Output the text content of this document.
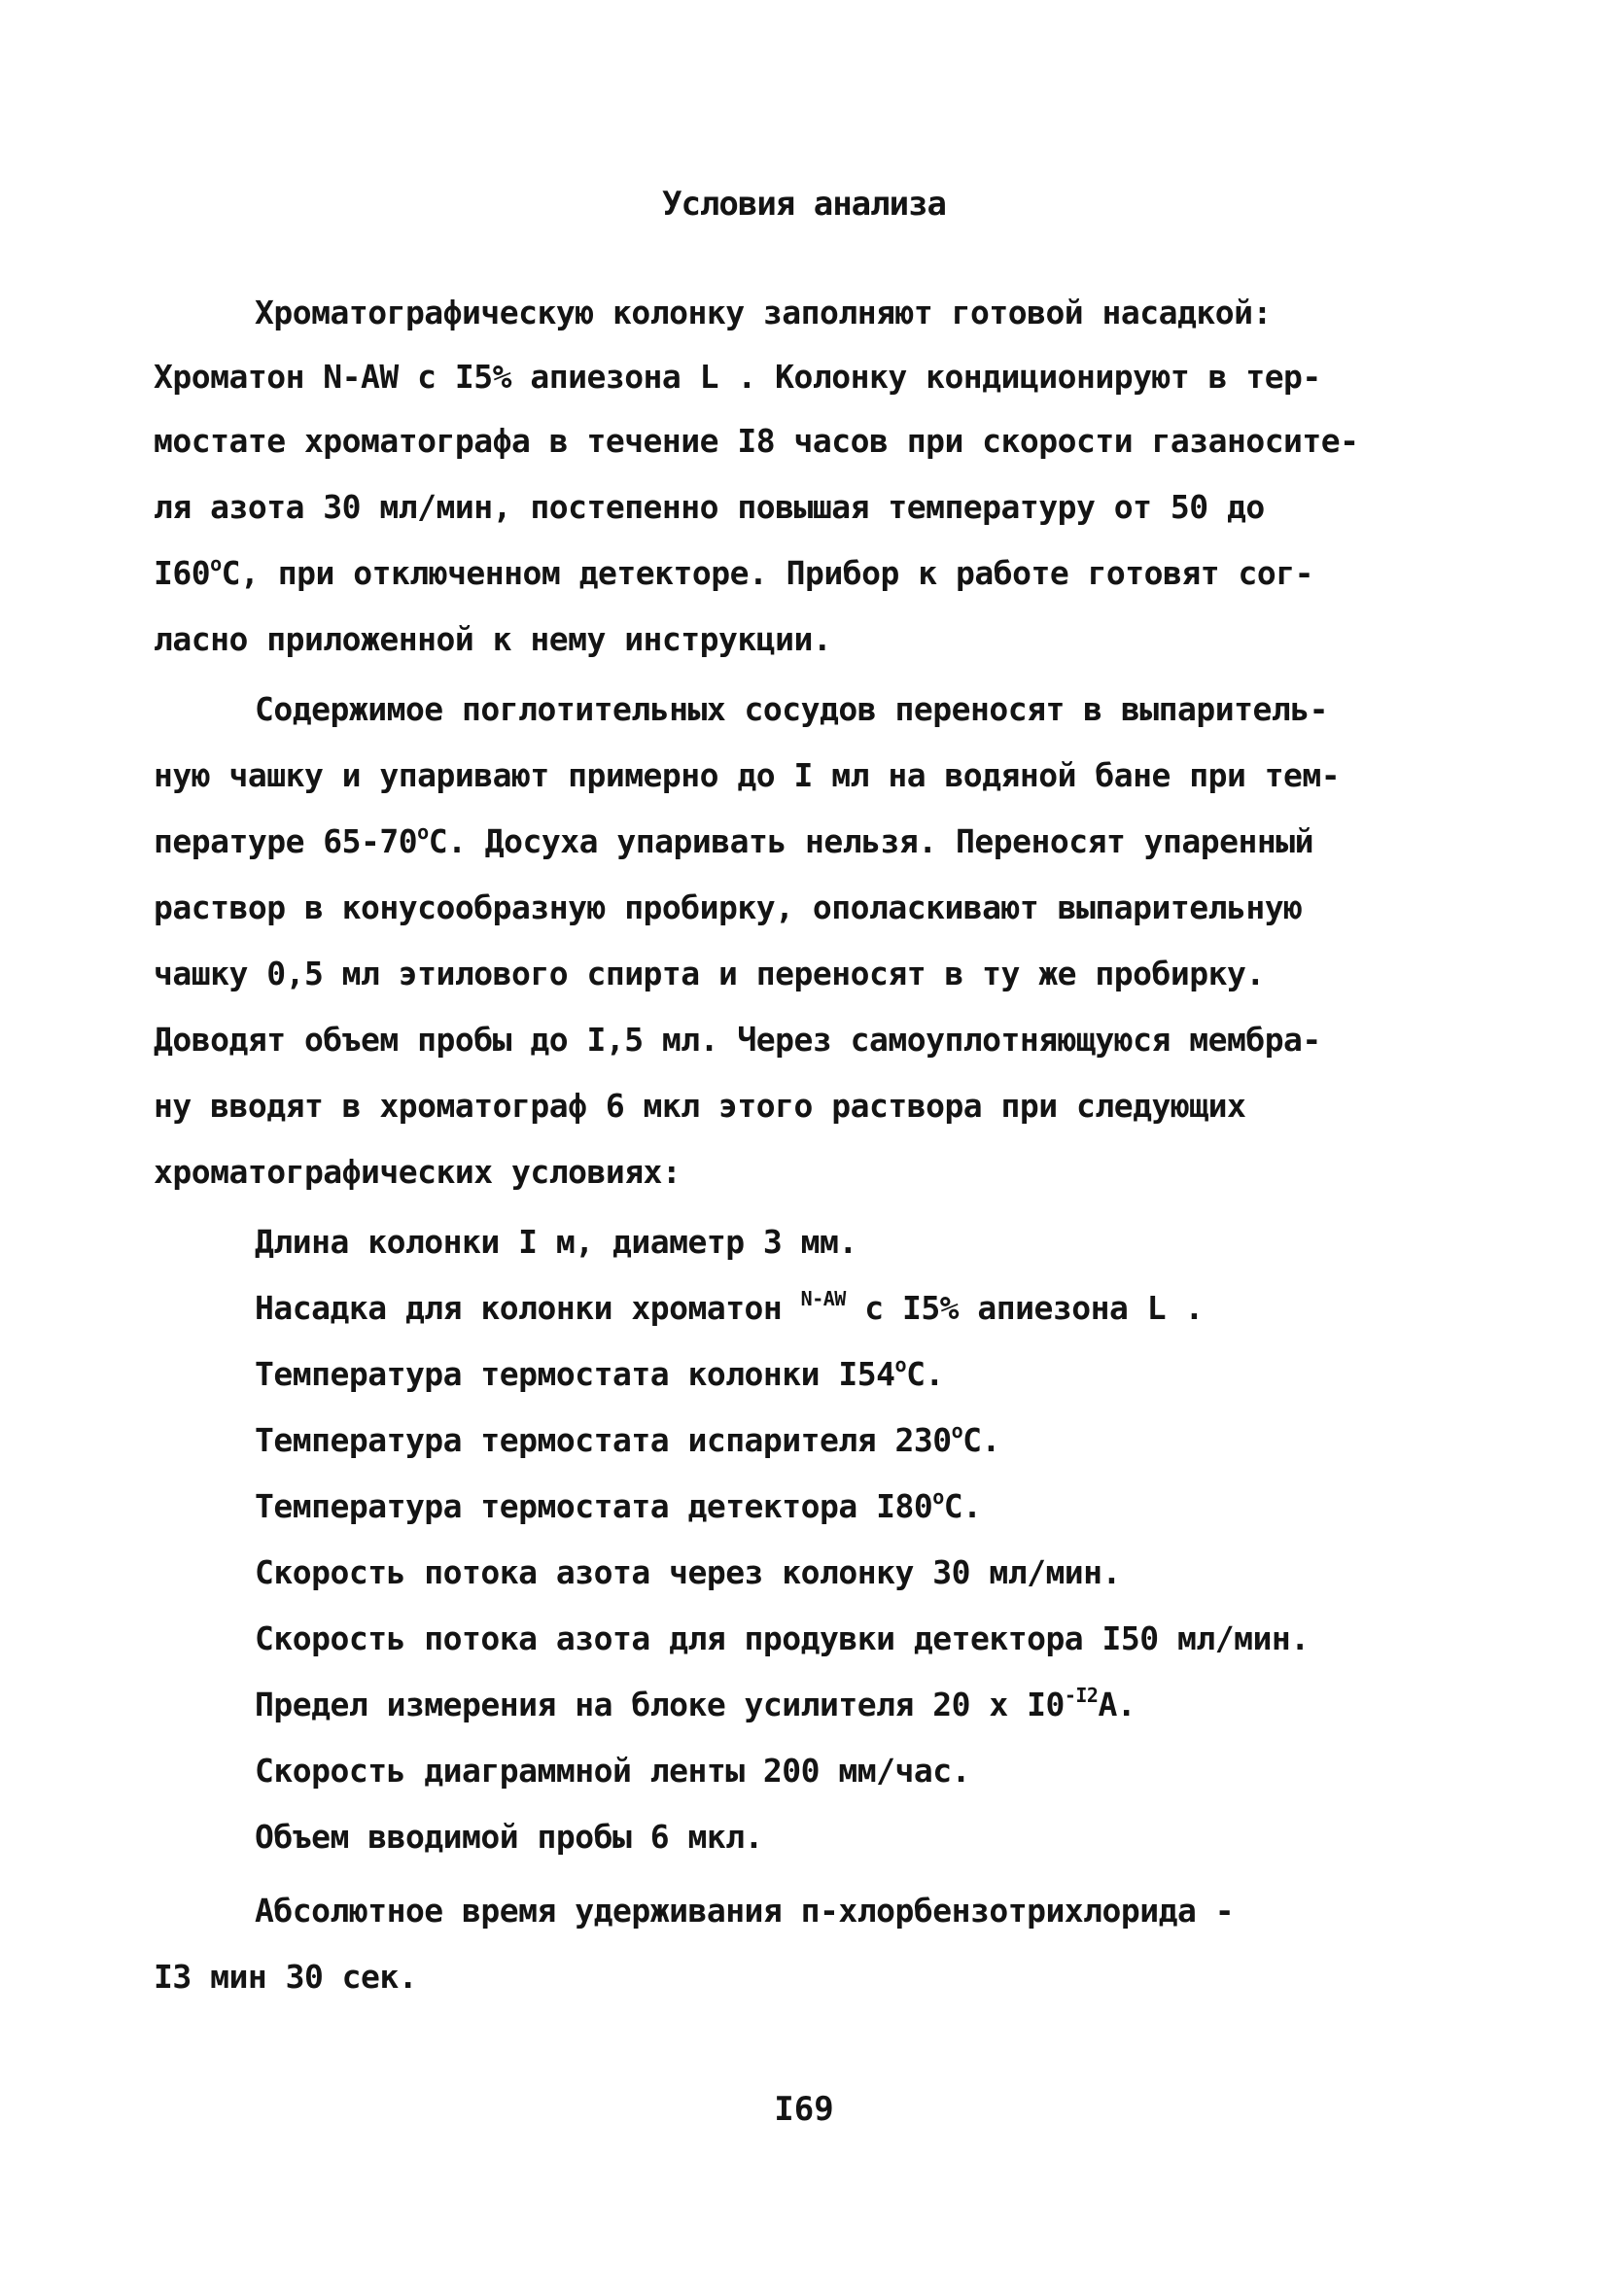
Условия анализа
Хроматографическую колонку заполняют готовой насадкой:
Хроматон N-AW с I5% апиезона L . Колонку кондиционируют в тер-
мостате хроматографа в течение I8 часов при скорости газаносите-
ля азота 30 мл/мин, постепенно повышая температуру от 50 до
I60$^o$C, при отключенном детекторе. Прибор к работе готовят сог-
ласно приложенной к нему инструкции.
Содержимое поглотительных сосудов переносят в выпаритель-
ную чашку и упаривают примерно до I мл на водяной бане при тем-
пературе 65-70$^o$C. Досуха упаривать нельзя. Переносят упаренный
раствор в конусообразную пробирку, ополаскивают выпарительную
чашку 0,5 мл этилового спирта и переносят в ту же пробирку.
Доводят объем пробы до I,5 мл. Через самоуплотняющуюся мембра-
ну вводят в хроматограф 6 мкл этого раствора при следующих
хроматографических условиях:
Длина колонки I м, диаметр 3 мм.
Насадка для колонки хроматон $^{N-AW}$ с I5% апиезона L .
Температура термостата колонки I54$^o$C.
Температура термостата испарителя 230$^o$C.
Температура термостата детектора I80$^o$C.
Скорость потока азота через колонку 30 мл/мин.
Скорость потока азота для продувки детектора I50 мл/мин.
Предел измерения на блоке усилителя 20 x $I0^{-I2}A$.
Скорость диаграммной ленты 200 мм/час.
Объем вводимой пробы 6 мкл.
Абсолютное время удерживания п-хлорбензотрихлорида -
I3 мин 30 сек.
I69
